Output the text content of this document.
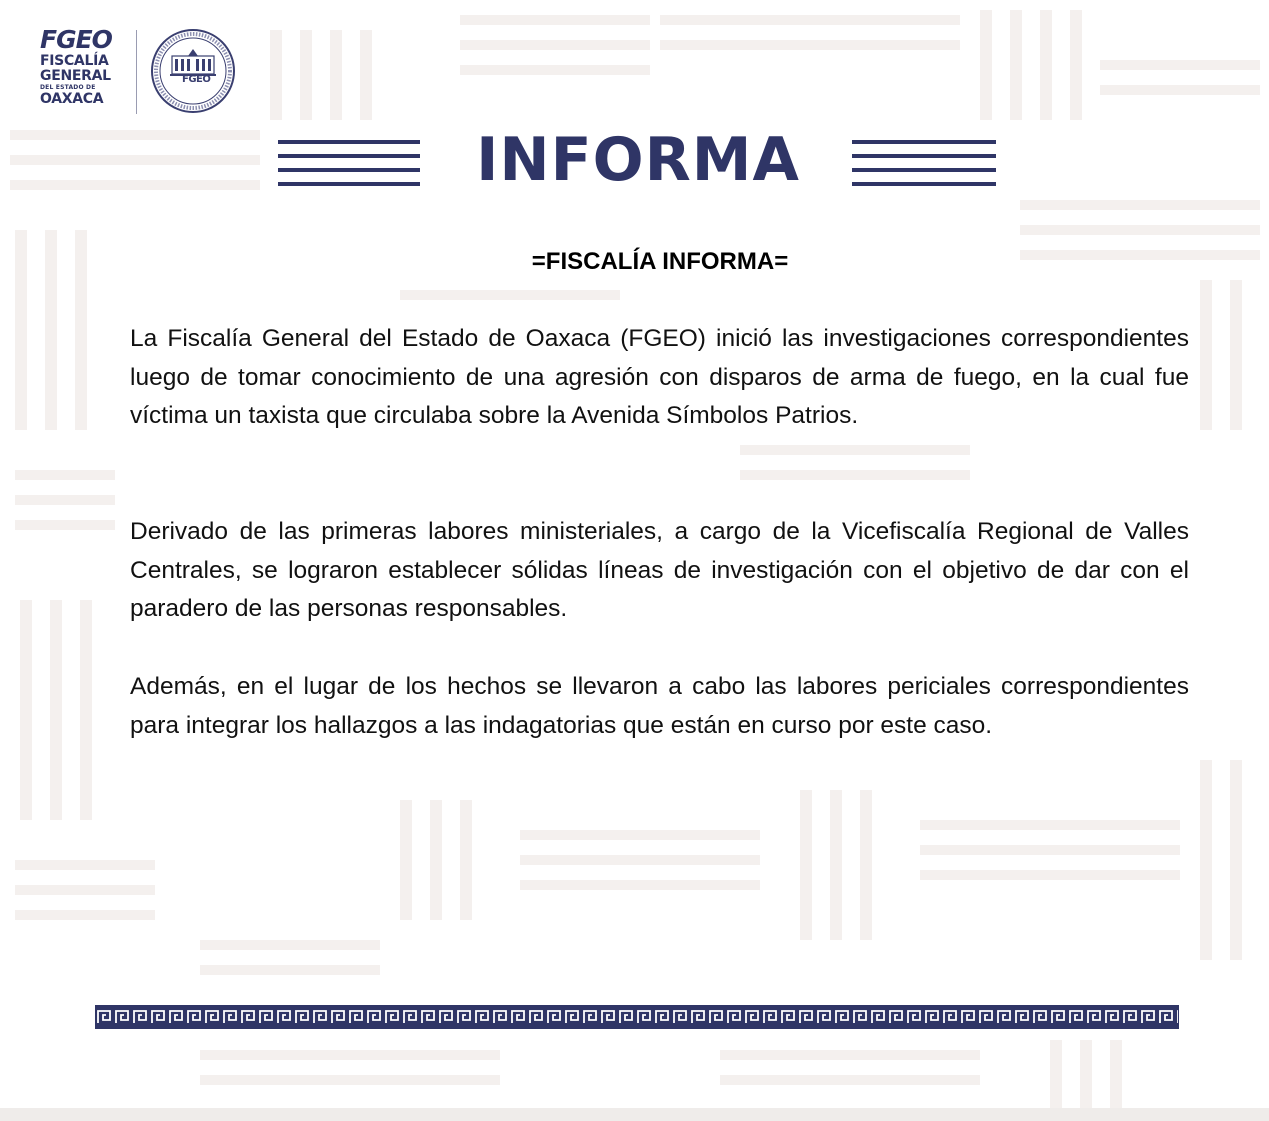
FGEO
FISCALÍA
GENERAL
DEL ESTADO DE
OAXACA
FGEO
INFORMA
=FISCALÍA INFORMA=

La Fiscalía General del Estado de Oaxaca (FGEO) inició las investigaciones correspondientes luego de tomar conocimiento de una agresión con disparos de arma de fuego, en la cual fue víctima un taxista que circulaba sobre la Avenida Símbolos Patrios.

Derivado de las primeras labores ministeriales, a cargo de la Vicefiscalía Regional de Valles Centrales, se lograron establecer sólidas líneas de investigación con el objetivo de dar con el paradero de las personas responsables.

Además, en el lugar de los hechos se llevaron a cabo las labores periciales correspondientes para integrar los hallazgos a las indagatorias que están en curso por este caso.
